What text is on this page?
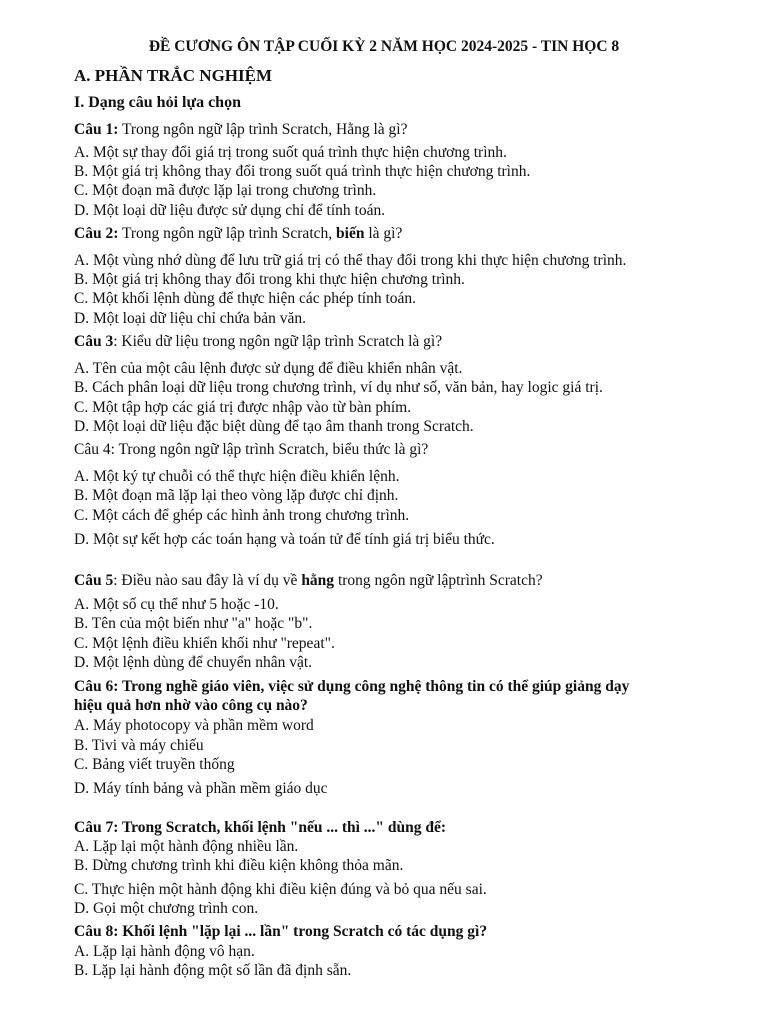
ĐỀ CƯƠNG ÔN TẬP CUỐI KỲ 2 NĂM HỌC 2024-2025 - TIN HỌC 8
A. PHẦN TRẮC NGHIỆM
I. Dạng câu hỏi lựa chọn
Câu 1: Trong ngôn ngữ lập trình Scratch, Hằng là gì?
A. Một sự thay đổi giá trị trong suốt quá trình thực hiện chương trình.
B. Một giá trị không thay đổi trong suốt quá trình thực hiện chương trình.
C. Một đoạn mã được lặp lại trong chương trình.
D. Một loại dữ liệu được sử dụng chỉ để tính toán.
Câu 2: Trong ngôn ngữ lập trình Scratch, biến là gì?
A. Một vùng nhớ dùng để lưu trữ giá trị có thể thay đổi trong khi thực hiện chương trình.
B. Một giá trị không thay đổi trong khi thực hiện chương trình.
C. Một khối lệnh dùng để thực hiện các phép tính toán.
D. Một loại dữ liệu chỉ chứa bản văn.
Câu 3: Kiểu dữ liệu trong ngôn ngữ lập trình Scratch là gì?
A. Tên của một câu lệnh được sử dụng để điều khiển nhân vật.
B. Cách phân loại dữ liệu trong chương trình, ví dụ như số, văn bản, hay logic giá trị.
C. Một tập hợp các giá trị được nhập vào từ bàn phím.
D. Một loại dữ liệu đặc biệt dùng để tạo âm thanh trong Scratch.
Câu 4: Trong ngôn ngữ lập trình Scratch, biểu thức là gì?
A. Một ký tự chuỗi có thể thực hiện điều khiển lệnh.
B. Một đoạn mã lặp lại theo vòng lặp được chỉ định.
C. Một cách để ghép các hình ảnh trong chương trình.
D. Một sự kết hợp các toán hạng và toán tử để tính giá trị biểu thức.
Câu 5: Điều nào sau đây là ví dụ về hằng trong ngôn ngữ lậptrình Scratch?
A. Một số cụ thể như 5 hoặc -10.
B. Tên của một biến như "a" hoặc "b".
C. Một lệnh điều khiển khối như "repeat".
D. Một lệnh dùng để chuyển nhân vật.
Câu 6: Trong nghề giáo viên, việc sử dụng công nghệ thông tin có thể giúp giảng dạy
hiệu quả hơn nhờ vào công cụ nào?
A. Máy photocopy và phần mềm word
B. Tivi và máy chiếu
C. Bảng viết truyền thống
D. Máy tính bảng và phần mềm giáo dục
Câu 7: Trong Scratch, khối lệnh "nếu ... thì ..." dùng để:
A. Lặp lại một hành động nhiều lần.
B. Dừng chương trình khi điều kiện không thỏa mãn.
C. Thực hiện một hành động khi điều kiện đúng và bỏ qua nếu sai.
D. Gọi một chương trình con.
Câu 8: Khối lệnh "lặp lại ... lần" trong Scratch có tác dụng gì?
A. Lặp lại hành động vô hạn.
B. Lặp lại hành động một số lần đã định sẵn.
